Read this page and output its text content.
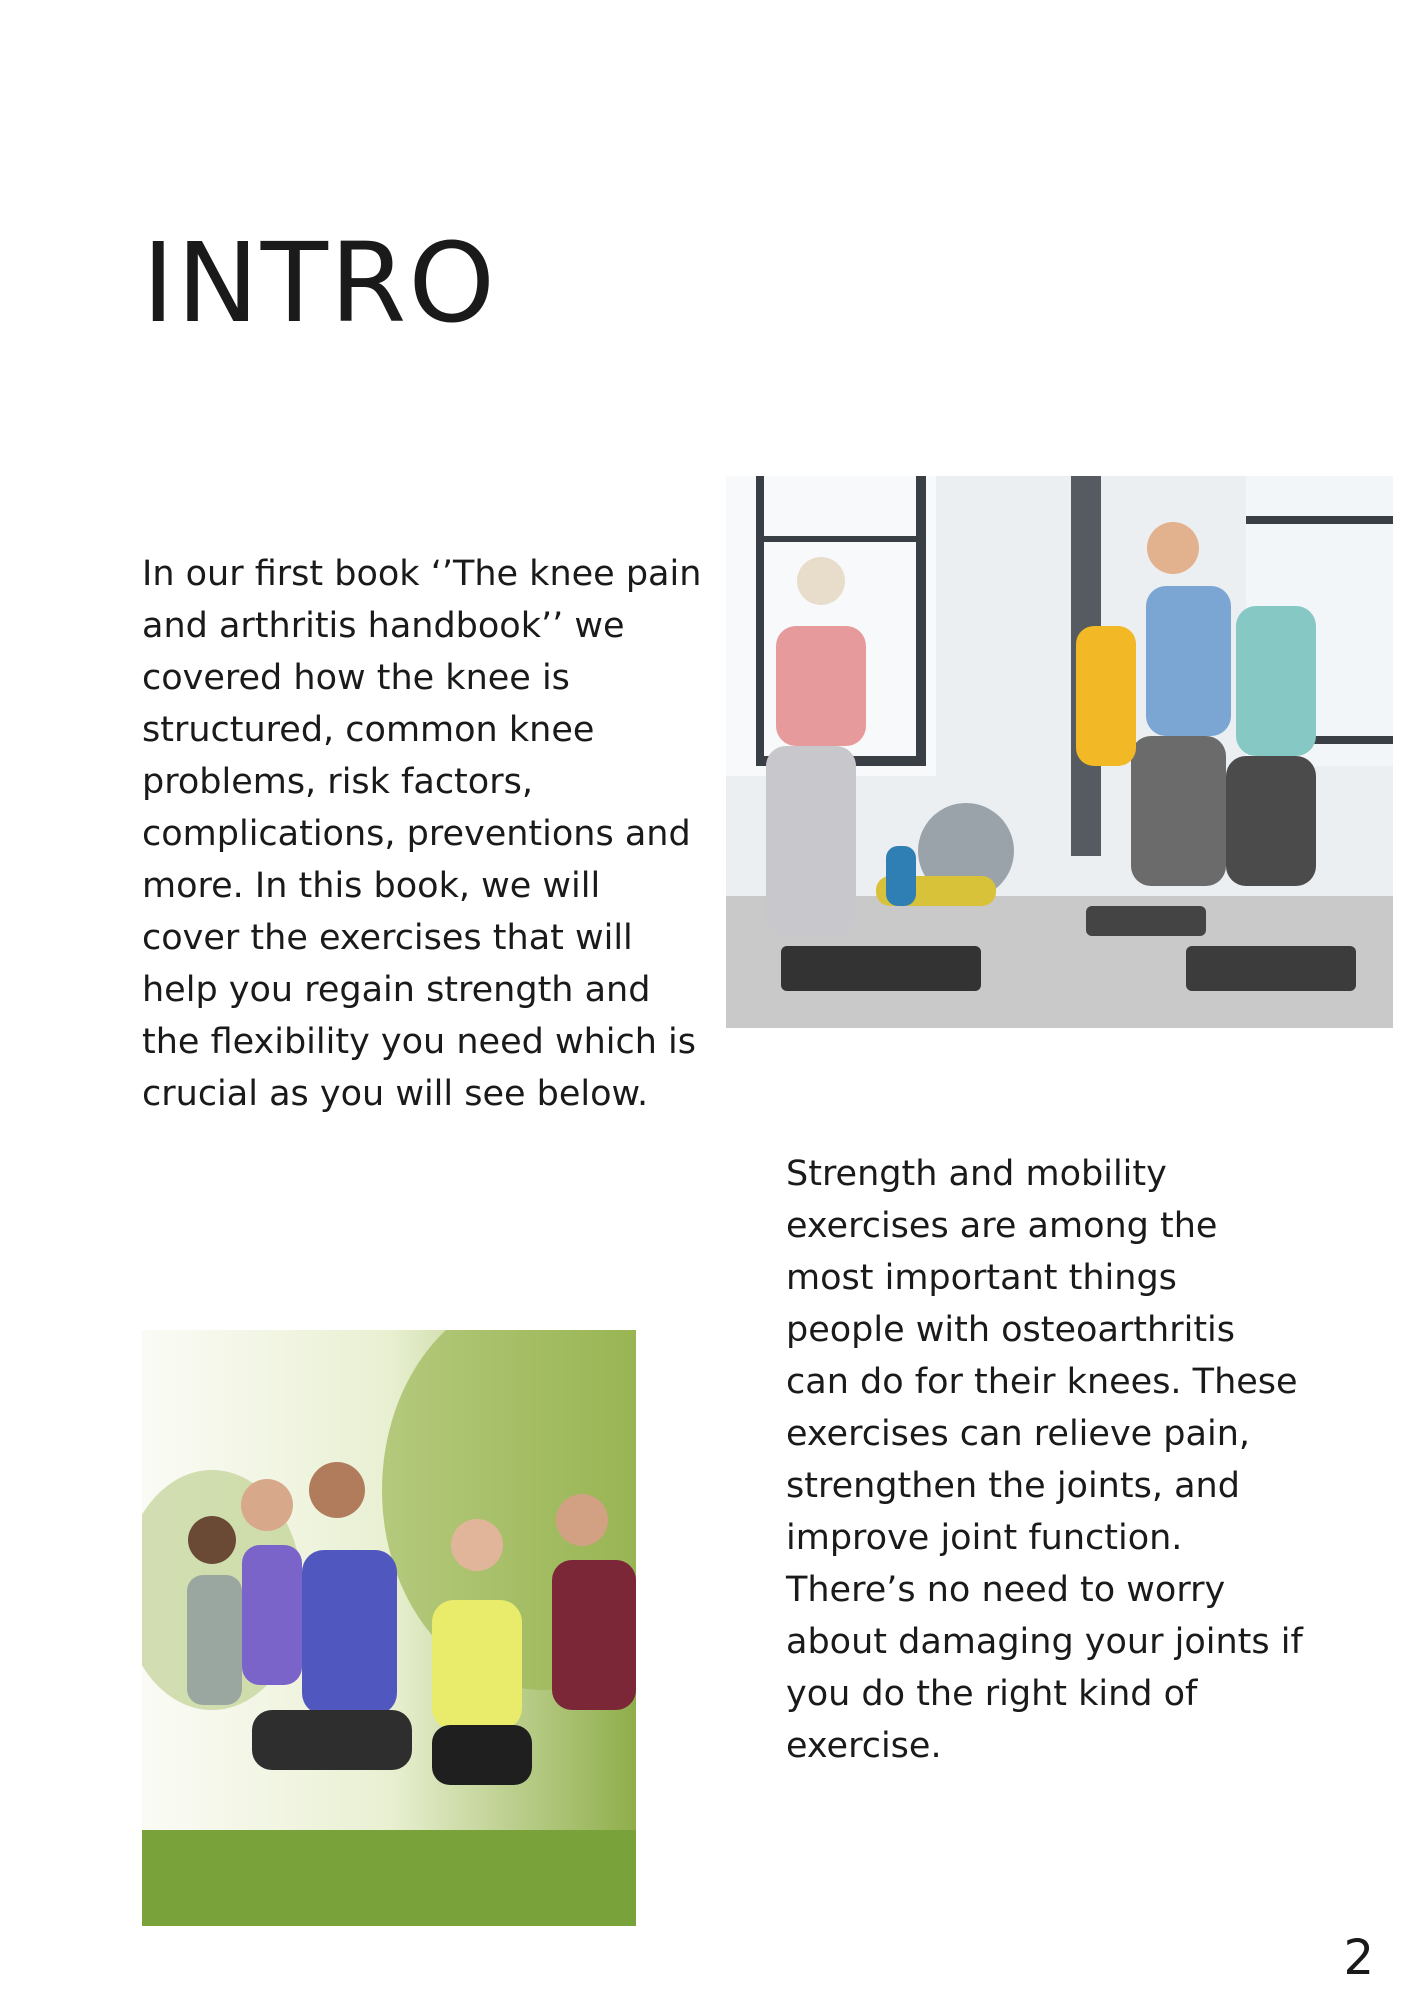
INTRO

In our first book ‘’The knee pain and arthritis handbook’’ we covered how the knee is structured, common knee problems, risk factors, complications, preventions and more. In this book, we will cover the exercises that will help you regain strength and the flexibility you need which is crucial as you will see below.

Strength and mobility exercises are among the most important things people with osteoarthritis can do for their knees. These exercises can relieve pain, strengthen the joints, and improve joint function. There’s no need to worry about damaging your joints if you do the right kind of exercise.

2
